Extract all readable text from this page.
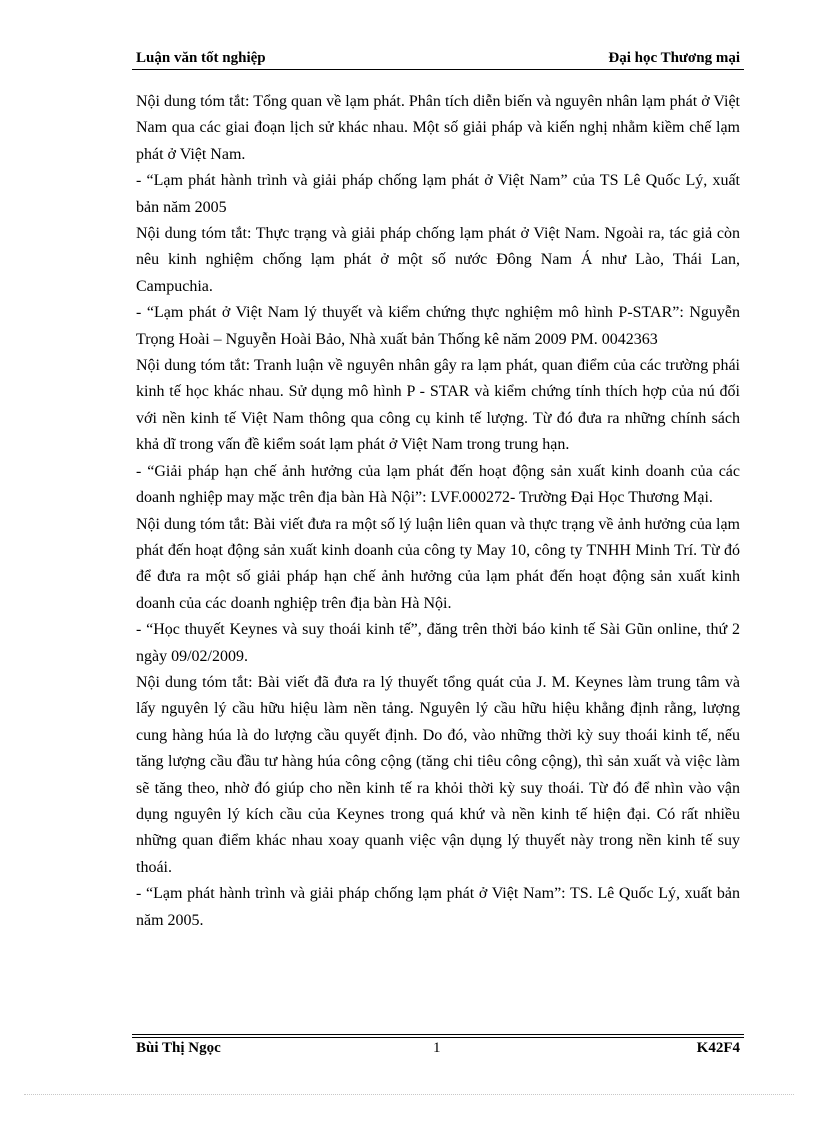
Luận văn tốt nghiệp	Đại học Thương mại

Nội dung tóm tắt: Tổng quan về lạm phát. Phân tích diễn biến và nguyên nhân lạm phát ở Việt Nam qua các giai đoạn lịch sử khác nhau. Một số giải pháp và kiến nghị nhằm kiềm chế lạm phát ở Việt Nam.

- “Lạm phát hành trình và giải pháp chống lạm phát ở Việt Nam” của TS Lê Quốc Lý, xuất bản năm 2005

Nội dung tóm tắt: Thực trạng và giải pháp chống lạm phát ở Việt Nam. Ngoài ra, tác giả còn nêu kinh nghiệm chống lạm phát ở một số nước Đông Nam Á như Lào, Thái Lan, Campuchia.

- “Lạm phát ở Việt Nam lý thuyết và kiểm chứng thực nghiệm mô hình P-STAR”: Nguyễn Trọng Hoài – Nguyễn Hoài Bảo, Nhà xuất bản Thống kê năm 2009 PM. 0042363

Nội dung tóm tắt: Tranh luận về nguyên nhân gây ra lạm phát, quan điểm của các trường phái kinh tế học khác nhau. Sử dụng mô hình P - STAR và kiểm chứng tính thích hợp của nú đối với nền kinh tế Việt Nam thông qua công cụ kinh tế lượng. Từ đó đưa ra những chính sách khả dĩ trong vấn đề kiểm soát lạm phát ở Việt Nam trong trung hạn.

- “Giải pháp hạn chế ảnh hưởng của lạm phát đến hoạt động sản xuất kinh doanh của các doanh nghiệp may mặc trên địa bàn Hà Nội”: LVF.000272- Trường Đại Học Thương Mại.

Nội dung tóm tắt: Bài viết đưa ra một số lý luận liên quan và thực trạng về ảnh hưởng của lạm phát đến hoạt động sản xuất kinh doanh của công ty May 10, công ty TNHH Minh Trí. Từ đó để đưa ra một số giải pháp hạn chế ảnh hưởng của lạm phát đến hoạt động sản xuất kinh doanh của các doanh nghiệp trên địa bàn Hà Nội.

- “Học thuyết Keynes và suy thoái kinh tế”, đăng trên thời báo kinh tế Sài Gũn online, thứ 2 ngày 09/02/2009.

Nội dung tóm tắt: Bài viết đã đưa ra lý thuyết tổng quát của J. M. Keynes làm trung tâm và lấy nguyên lý cầu hữu hiệu làm nền tảng. Nguyên lý cầu hữu hiệu khẳng định rằng, lượng cung hàng húa là do lượng cầu quyết định. Do đó, vào những thời kỳ suy thoái kinh tế, nếu tăng lượng cầu đầu tư hàng húa công cộng (tăng chi tiêu công cộng), thì sản xuất và việc làm sẽ tăng theo, nhờ đó giúp cho nền kinh tế ra khỏi thời kỳ suy thoái. Từ đó để nhìn vào vận dụng nguyên lý kích cầu của Keynes trong quá khứ và nền kinh tế hiện đại. Có rất nhiều những quan điểm khác nhau xoay quanh việc vận dụng lý thuyết này trong nền kinh tế suy thoái.

- “Lạm phát hành trình và giải pháp chống lạm phát ở Việt Nam”: TS. Lê Quốc Lý, xuất bản năm 2005.

Bùi Thị Ngọc	1	K42F4
